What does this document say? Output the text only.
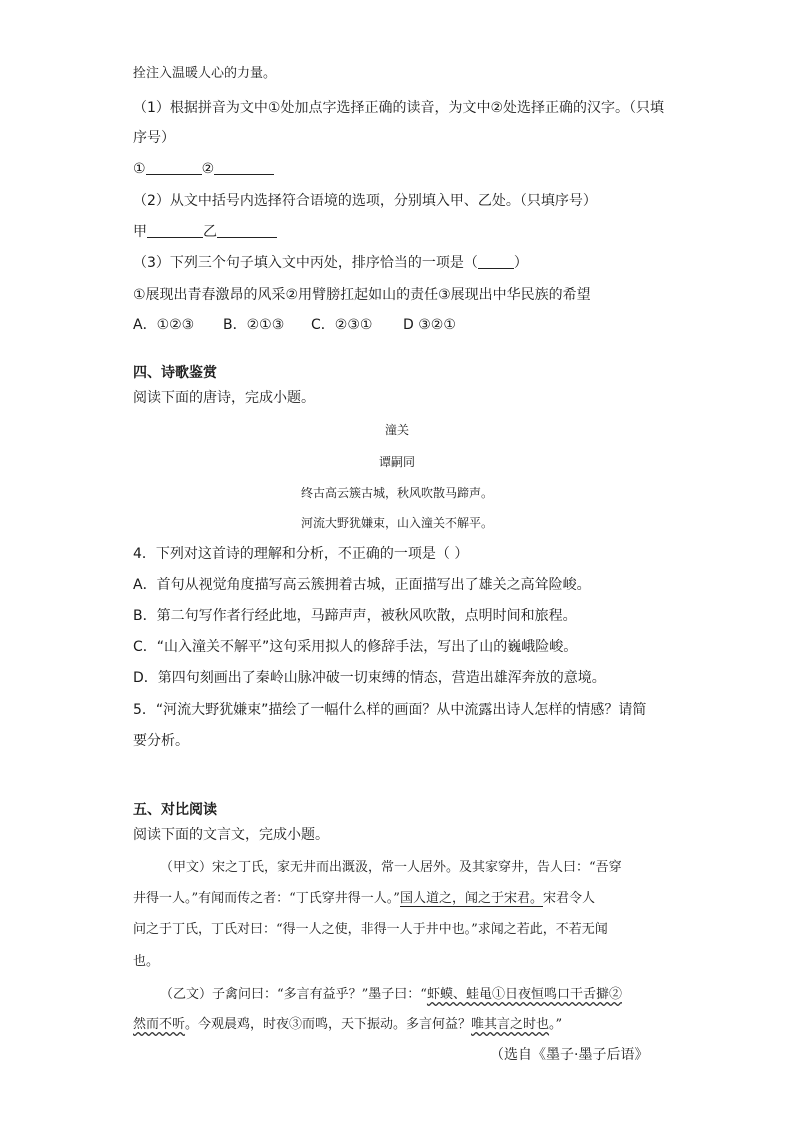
拴注入温暖人心的力量。
（1）根据拼音为文中①处加点字选择正确的读音，为文中②处选择正确的汉字。（只填
序号）
①	②
（2）从文中括号内选择符合语境的选项，分别填入甲、乙处。（只填序号）
甲	乙
（3）下列三个句子填入文中丙处，排序恰当的一项是（	）
①展现出青春激昂的风采②用臂膀扛起如山的责任③展现出中华民族的希望
A．①②③ B．②①③ C．②③① D ③②①
四、诗歌鉴赏
阅读下面的唐诗，完成小题。
潼关
谭嗣同
终古高云簇古城，秋风吹散马蹄声。
河流大野犹嫌束，山入潼关不解平。
4．下列对这首诗的理解和分析，不正确的一项是（ ）
A．首句从视觉角度描写高云簇拥着古城，正面描写出了雄关之高耸险峻。
B．第二句写作者行经此地，马蹄声声，被秋风吹散，点明时间和旅程。
C．“山入潼关不解平”这句采用拟人的修辞手法，写出了山的巍峨险峻。
D．第四句刻画出了秦岭山脉冲破一切束缚的情态，营造出雄浑奔放的意境。
5．“河流大野犹嫌束”描绘了一幅什么样的画面？从中流露出诗人怎样的情感？请简
要分析。
五、对比阅读
阅读下面的文言文，完成小题。
（甲文）宋之丁氏，家无井而出溉汲，常一人居外。及其家穿井，告人曰：“吾穿
井得一人。”有闻而传之者：“丁氏穿井得一人。”国人道之，闻之于宋君。宋君令人
问之于丁氏，丁氏对曰：“得一人之使，非得一人于井中也。”求闻之若此，不若无闻
也。
（乙文）子禽问曰：“多言有益乎？”墨子曰：“虾蟆、蛙黾①日夜恒鸣口干舌擗②
然而不听。今观晨鸡，时夜③而鸣，天下振动。多言何益？唯其言之时也。”
（选自《墨子·墨子后语》
